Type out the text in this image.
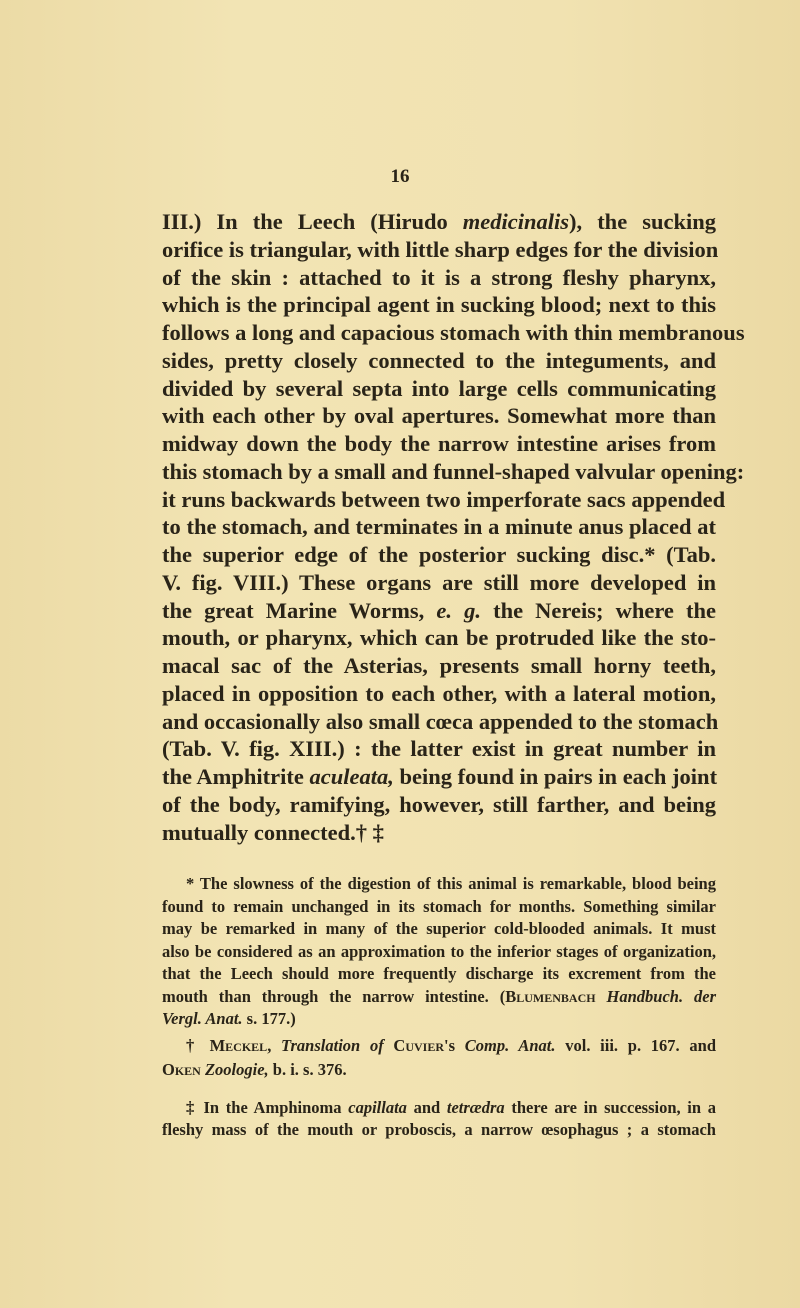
16
III.) In the Leech (Hirudo medicinalis), the sucking
orifice is triangular, with little sharp edges for the division
of the skin : attached to it is a strong fleshy pharynx,
which is the principal agent in sucking blood; next to this
follows a long and capacious stomach with thin membranous
sides, pretty closely connected to the integuments, and
divided by several septa into large cells communicating
with each other by oval apertures. Somewhat more than
midway down the body the narrow intestine arises from
this stomach by a small and funnel-shaped valvular opening:
it runs backwards between two imperforate sacs appended
to the stomach, and terminates in a minute anus placed at
the superior edge of the posterior sucking disc.* (Tab.
V. fig. VIII.) These organs are still more developed in
the great Marine Worms, e. g. the Nereis; where the
mouth, or pharynx, which can be protruded like the sto-
macal sac of the Asterias, presents small horny teeth,
placed in opposition to each other, with a lateral motion,
and occasionally also small cœca appended to the stomach
(Tab. V. fig. XIII.) : the latter exist in great number in
the Amphitrite aculeata, being found in pairs in each joint
of the body, ramifying, however, still farther, and being
mutually connected.† ‡
* The slowness of the digestion of this animal is remarkable, blood being
found to remain unchanged in its stomach for months. Something similar
may be remarked in many of the superior cold-blooded animals. It must
also be considered as an approximation to the inferior stages of organization,
that the Leech should more frequently discharge its excrement from the
mouth than through the narrow intestine. (Blumenbach Handbuch. der
Vergl. Anat. s. 177.)
† Meckel, Translation of Cuvier's Comp. Anat. vol. iii. p. 167. and
Oken Zoologie, b. i. s. 376.
‡ In the Amphinoma capillata and tetrædra there are in succession, in a
fleshy mass of the mouth or proboscis, a narrow œsophagus ; a stomach
